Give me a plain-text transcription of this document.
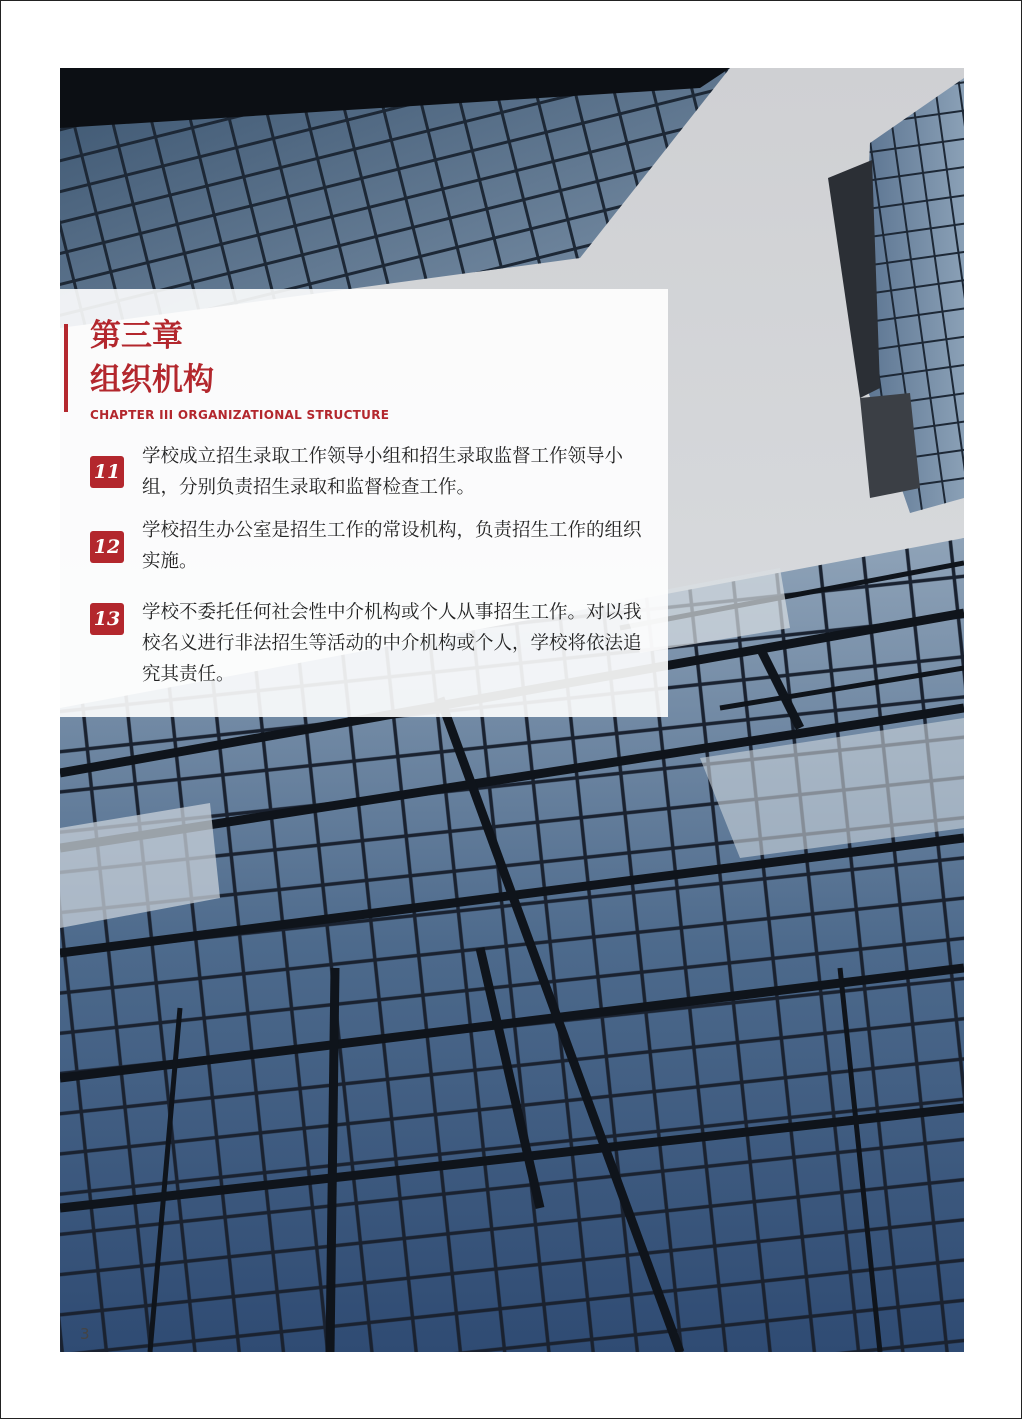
第三章
组织机构
CHAPTER III ORGANIZATIONAL STRUCTURE
11
学校成立招生录取工作领导小组和招生录取监督工作领导小组，分别负责招生录取和监督检查工作。
12
学校招生办公室是招生工作的常设机构，负责招生工作的组织实施。
13 学校不委托任何社会性中介机构或个人从事招生工作。对以我校名义进行非法招生等活动的中介机构或个人，学校将依法追究其责任。
3
